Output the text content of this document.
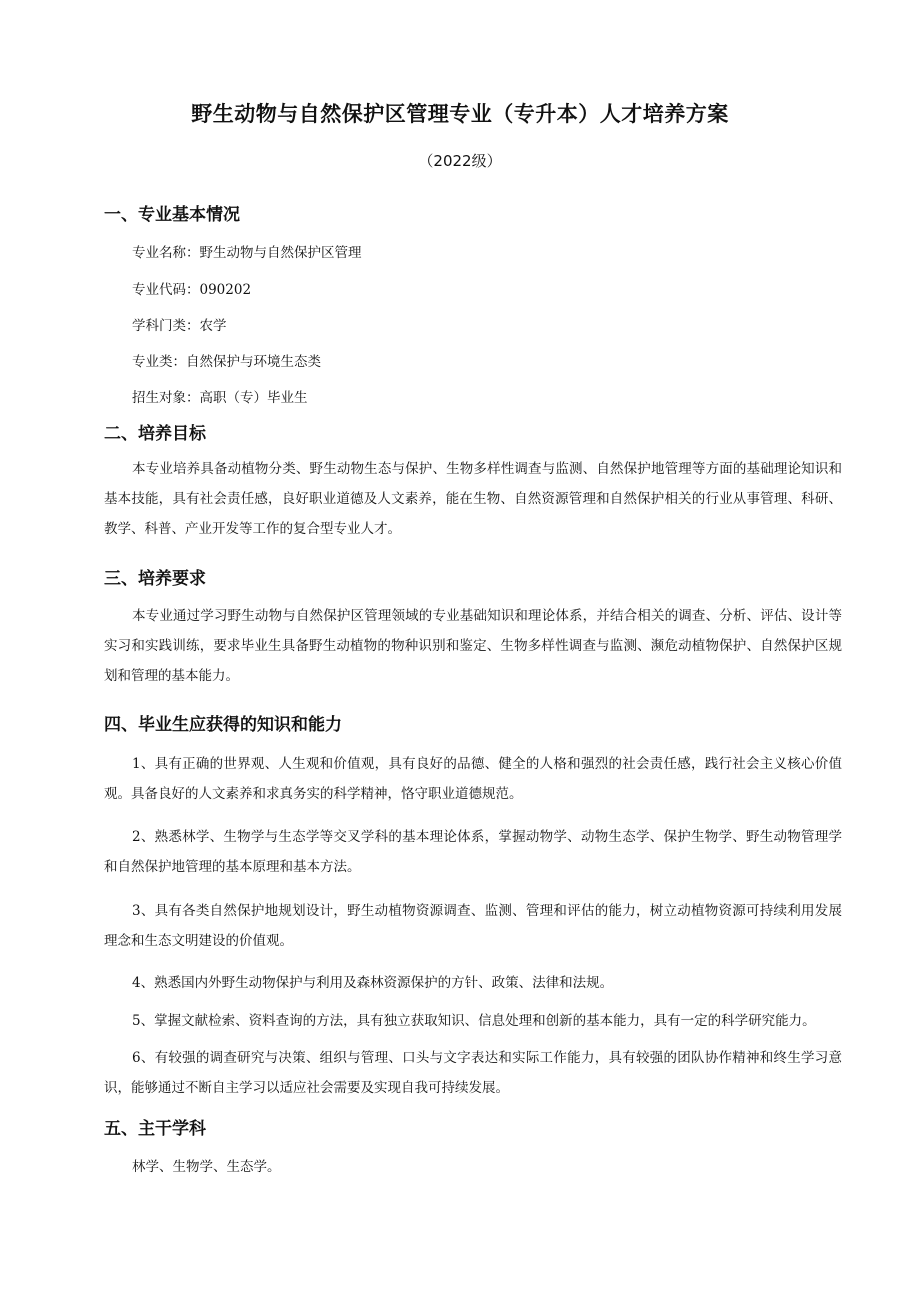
野生动物与自然保护区管理专业（专升本）人才培养方案
（2022级）
一、专业基本情况
专业名称：野生动物与自然保护区管理
专业代码：090202
学科门类：农学
专业类：自然保护与环境生态类
招生对象：高职（专）毕业生
二、培养目标

本专业培养具备动植物分类、野生动物生态与保护、生物多样性调查与监测、自然保护地管理等方面的基础理论知识和基本技能，具有社会责任感，良好职业道德及人文素养，能在生物、自然资源管理和自然保护相关的行业从事管理、科研、教学、科普、产业开发等工作的复合型专业人才。

三、培养要求

本专业通过学习野生动物与自然保护区管理领域的专业基础知识和理论体系，并结合相关的调查、分析、评估、设计等实习和实践训练，要求毕业生具备野生动植物的物种识别和鉴定、生物多样性调查与监测、濒危动植物保护、自然保护区规划和管理的基本能力。

四、毕业生应获得的知识和能力

1、具有正确的世界观、人生观和价值观，具有良好的品德、健全的人格和强烈的社会责任感，践行社会主义核心价值观。具备良好的人文素养和求真务实的科学精神，恪守职业道德规范。

2、熟悉林学、生物学与生态学等交叉学科的基本理论体系，掌握动物学、动物生态学、保护生物学、野生动物管理学和自然保护地管理的基本原理和基本方法。

3、具有各类自然保护地规划设计，野生动植物资源调查、监测、管理和评估的能力，树立动植物资源可持续利用发展理念和生态文明建设的价值观。

4、熟悉国内外野生动物保护与利用及森林资源保护的方针、政策、法律和法规。

5、掌握文献检索、资料查询的方法，具有独立获取知识、信息处理和创新的基本能力，具有一定的科学研究能力。

6、有较强的调查研究与决策、组织与管理、口头与文字表达和实际工作能力，具有较强的团队协作精神和终生学习意识，能够通过不断自主学习以适应社会需要及实现自我可持续发展。

五、主干学科
林学、生物学、生态学。
